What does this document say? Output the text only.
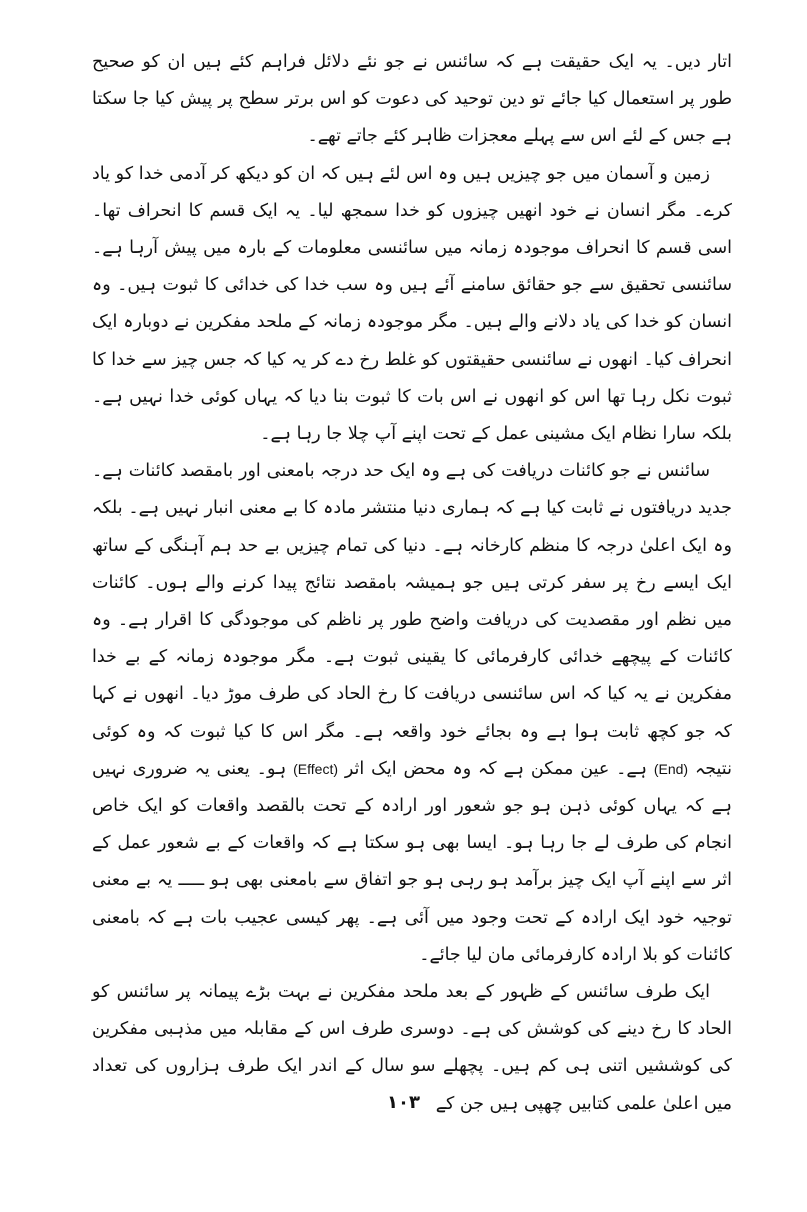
اتار دیں۔ یہ ایک حقیقت ہے کہ سائنس نے جو نئے دلائل فراہم کئے ہیں ان کو صحیح طور پر استعمال کیا جائے تو دین توحید کی دعوت کو اس برتر سطح پر پیش کیا جا سکتا ہے جس کے لئے اس سے پہلے معجزات ظاہر کئے جاتے تھے۔

زمین و آسمان میں جو چیزیں ہیں وہ اس لئے ہیں کہ ان کو دیکھ کر آدمی خدا کو یاد کرے۔ مگر انسان نے خود انھیں چیزوں کو خدا سمجھ لیا۔ یہ ایک قسم کا انحراف تھا۔ اسی قسم کا انحراف موجودہ زمانہ میں سائنسی معلومات کے بارہ میں پیش آرہا ہے۔ سائنسی تحقیق سے جو حقائق سامنے آئے ہیں وہ سب خدا کی خدائی کا ثبوت ہیں۔ وہ انسان کو خدا کی یاد دلانے والے ہیں۔ مگر موجودہ زمانہ کے ملحد مفکرین نے دوبارہ ایک انحراف کیا۔ انھوں نے سائنسی حقیقتوں کو غلط رخ دے کر یہ کیا کہ جس چیز سے خدا کا ثبوت نکل رہا تھا اس کو انھوں نے اس بات کا ثبوت بنا دیا کہ یہاں کوئی خدا نہیں ہے۔ بلکہ سارا نظام ایک مشینی عمل کے تحت اپنے آپ چلا جا رہا ہے۔

سائنس نے جو کائنات دریافت کی ہے وہ ایک حد درجہ بامعنی اور بامقصد کائنات ہے۔ جدید دریافتوں نے ثابت کیا ہے کہ ہماری دنیا منتشر مادہ کا بے معنی انبار نہیں ہے۔ بلکہ وہ ایک اعلیٰ درجہ کا منظم کارخانہ ہے۔ دنیا کی تمام چیزیں بے حد ہم آہنگی کے ساتھ ایک ایسے رخ پر سفر کرتی ہیں جو ہمیشہ بامقصد نتائج پیدا کرنے والے ہوں۔ کائنات میں نظم اور مقصدیت کی دریافت واضح طور پر ناظم کی موجودگی کا اقرار ہے۔ وہ کائنات کے پیچھے خدائی کارفرمائی کا یقینی ثبوت ہے۔ مگر موجودہ زمانہ کے بے خدا مفکرین نے یہ کیا کہ اس سائنسی دریافت کا رخ الحاد کی طرف موڑ دیا۔ انھوں نے کہا کہ جو کچھ ثابت ہوا ہے وہ بجائے خود واقعہ ہے۔ مگر اس کا کیا ثبوت کہ وہ کوئی نتیجہ (End) ہے۔ عین ممکن ہے کہ وہ محض ایک اثر (Effect) ہو۔ یعنی یہ ضروری نہیں ہے کہ یہاں کوئی ذہن ہو جو شعور اور ارادہ کے تحت بالقصد واقعات کو ایک خاص انجام کی طرف لے جا رہا ہو۔ ایسا بھی ہو سکتا ہے کہ واقعات کے بے شعور عمل کے اثر سے اپنے آپ ایک چیز برآمد ہو رہی ہو جو اتفاق سے بامعنی بھی ہو ـــــ یہ بے معنی توجیہ خود ایک ارادہ کے تحت وجود میں آئی ہے۔ پھر کیسی عجیب بات ہے کہ بامعنی کائنات کو بلا ارادہ کارفرمائی مان لیا جائے۔

ایک طرف سائنس کے ظہور کے بعد ملحد مفکرین نے بہت بڑے پیمانہ پر سائنس کو الحاد کا رخ دینے کی کوشش کی ہے۔ دوسری طرف اس کے مقابلہ میں مذہبی مفکرین کی کوششیں اتنی ہی کم ہیں۔ پچھلے سو سال کے اندر ایک طرف ہزاروں کی تعداد میں اعلیٰ علمی کتابیں چھپی ہیں جن کے

۱۰۳
